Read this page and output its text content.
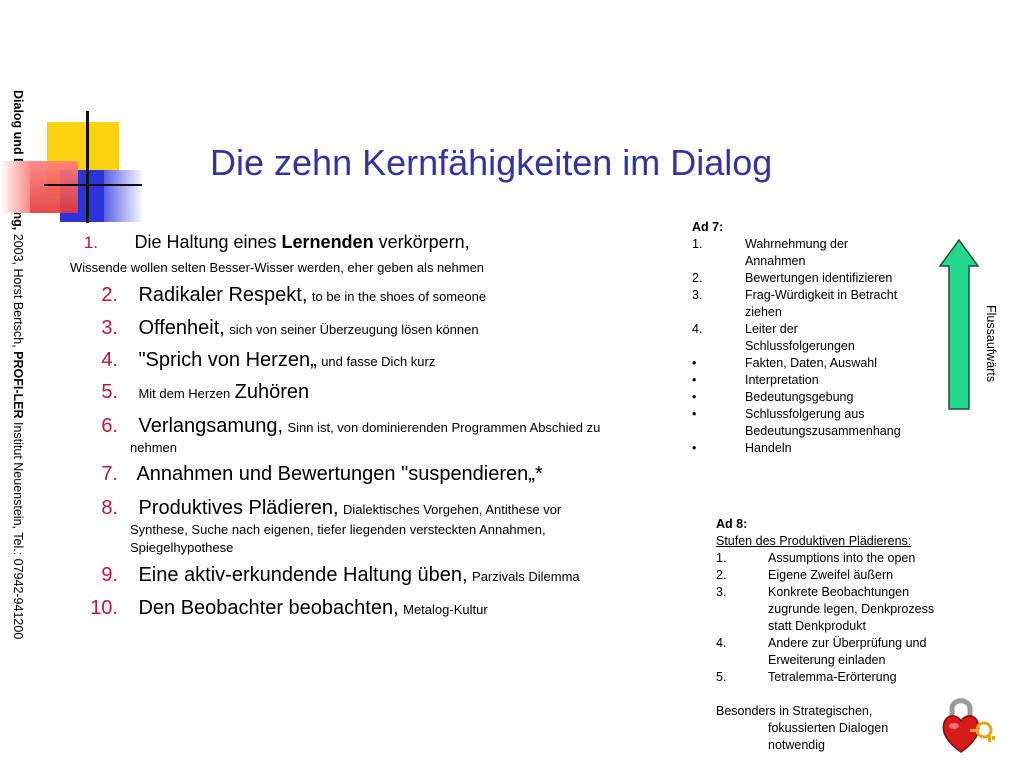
2003, Horst Bertsch, PROFI-LER Institut Neuenstein, Tel.: 07942-941200
Die zehn Kernfähigkeiten im Dialog
1. Die Haltung eines Lernenden verkörpern,
Wissende wollen selten Besser-Wisser werden, eher geben als nehmen
2. Radikaler Respekt, to be in the shoes of someone
3. Offenheit, sich von seiner Überzeugung lösen können
4. "Sprich von Herzen„ und fasse Dich kurz
5. Mit dem Herzen Zuhören
6. Verlangsamung, Sinn ist, von dominierenden Programmen Abschied zu
nehmen
7. Annahmen und Bewertungen "suspendieren„*
8. Produktives Plädieren, Dialektisches Vorgehen, Antithese vor
Synthese, Suche nach eigenen, tiefer liegenden versteckten Annahmen,
Spiegelhypothese
9. Eine aktiv-erkundende Haltung üben, Parzivals Dilemma
10. Den Beobachter beobachten, Metalog-Kultur
Ad 7:
1.	Wahrnehmung der
Annahmen
2.	Bewertungen identifizieren
3.	Frag-Würdigkeit in Betracht
ziehen
4.	Leiter der
Schlussfolgerungen
•	Fakten, Daten, Auswahl
•	Interpretation
•	Bedeutungsgebung
•	Schlussfolgerung aus
Bedeutungszusammenhang
•	Handeln
Flussaufwärts
Ad 8:
Stufen des Produktiven Plädierens:
1.	Assumptions into the open
2.	Eigene Zweifel äußern
3.	Konkrete Beobachtungen
zugrunde legen, Denkprozess
statt Denkprodukt
4.	Andere zur Überprüfung und
Erweiterung einladen
5.	Tetralemma-Erörterung
Besonders in Strategischen,
fokussierten Dialogen
notwendig
